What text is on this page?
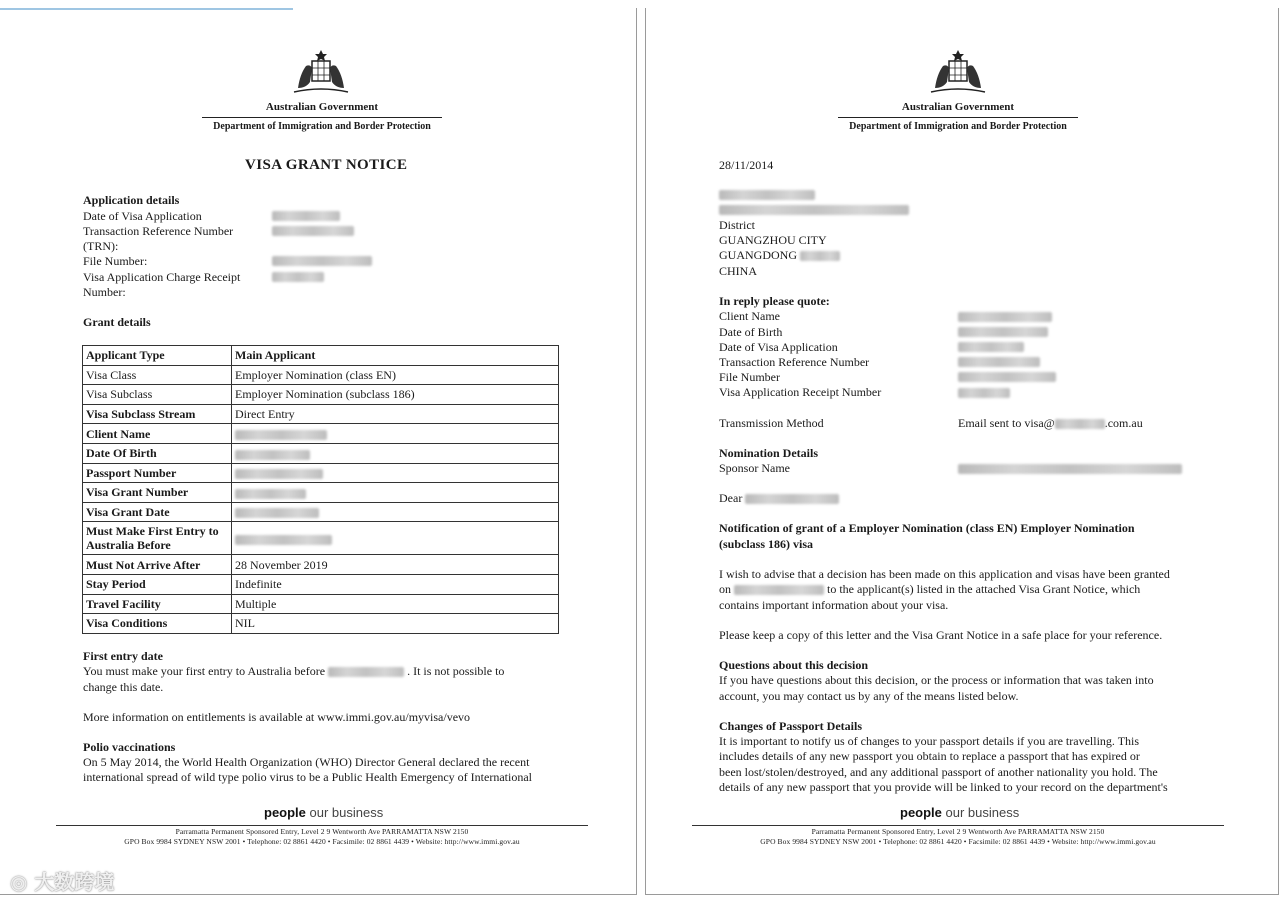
Australian Government
Department of Immigration and Border Protection
VISA GRANT NOTICE
Application details
Date of Visa Application
Transaction Reference Number
(TRN):
File Number:
Visa Application Charge Receipt
Number:
Grant details
Applicant Type	Main Applicant
Visa Class	Employer Nomination (class EN)
Visa Subclass	Employer Nomination (subclass 186)
Visa Subclass Stream	Direct Entry
Client Name	
Date Of Birth	
Passport Number	
Visa Grant Number	
Visa Grant Date	
Must Make First Entry to Australia Before	
Must Not Arrive After	28 November 2019
Stay Period	Indefinite
Travel Facility	Multiple
Visa Conditions	NIL
First entry date
You must make your first entry to Australia before	. It is not possible to
change this date.
More information on entitlements is available at www.immi.gov.au/myvisa/vevo
Polio vaccinations
On 5 May 2014, the World Health Organization (WHO) Director General declared the recent
international spread of wild type polio virus to be a Public Health Emergency of International
people our business
Parramatta Permanent Sponsored Entry, Level 2 9 Wentworth Ave PARRAMATTA NSW 2150
GPO Box 9984 SYDNEY NSW 2001 • Telephone: 02 8861 4420 • Facsimile: 02 8861 4439 • Website: http://www.immi.gov.au
Australian Government
Department of Immigration and Border Protection
28/11/2014
District
GUANGZHOU CITY
GUANGDONG
CHINA
In reply please quote:
Client Name
Date of Birth
Date of Visa Application
Transaction Reference Number
File Number
Visa Application Receipt Number
Transmission Method	Email sent to visa@	.com.au
Nomination Details
Sponsor Name
Dear
Notification of grant of a Employer Nomination (class EN) Employer Nomination
(subclass 186) visa
I wish to advise that a decision has been made on this application and visas have been granted
on	to the applicant(s) listed in the attached Visa Grant Notice, which
contains important information about your visa.
Please keep a copy of this letter and the Visa Grant Notice in a safe place for your reference.
Questions about this decision
If you have questions about this decision, or the process or information that was taken into
account, you may contact us by any of the means listed below.
Changes of Passport Details
It is important to notify us of changes to your passport details if you are travelling. This
includes details of any new passport you obtain to replace a passport that has expired or
been lost/stolen/destroyed, and any additional passport of another nationality you hold. The
details of any new passport that you provide will be linked to your record on the department's
people our business
Parramatta Permanent Sponsored Entry, Level 2 9 Wentworth Ave PARRAMATTA NSW 2150
GPO Box 9984 SYDNEY NSW 2001 • Telephone: 02 8861 4420 • Facsimile: 02 8861 4439 • Website: http://www.immi.gov.au
◎ 大数跨境
